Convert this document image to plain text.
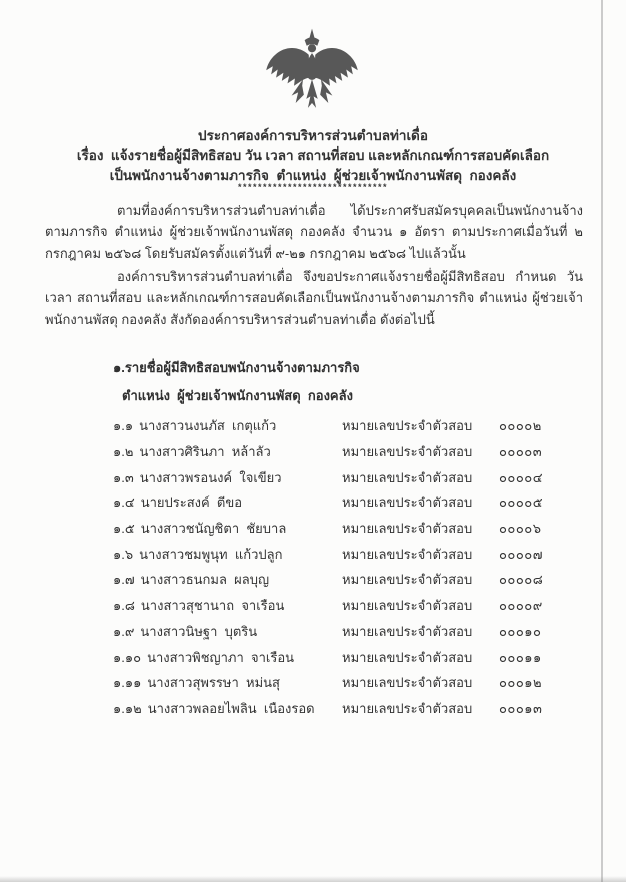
ประกาศองค์การบริหารส่วนตำบลท่าเดื่อ
เรื่อง  แจ้งรายชื่อผู้มีสิทธิสอบ วัน เวลา สถานที่สอบ และหลักเกณฑ์การสอบคัดเลือก
เป็นพนักงานจ้างตามภารกิจ  ตำแหน่ง  ผู้ช่วยเจ้าพนักงานพัสดุ  กองคลัง
******************************
ตามที่องค์การบริหารส่วนตำบลท่าเดื่อ ได้ประกาศรับสมัครบุคคลเป็นพนักงานจ้างตามภารกิจ ตำแหน่ง ผู้ช่วยเจ้าพนักงานพัสดุ กองคลัง จำนวน ๑ อัตรา ตามประกาศเมื่อวันที่ ๒ กรกฎาคม ๒๕๖๘ โดยรับสมัครตั้งแต่วันที่ ๙-๒๑ กรกฎาคม ๒๕๖๘ ไปแล้วนั้น
องค์การบริหารส่วนตำบลท่าเดื่อ จึงขอประกาศแจ้งรายชื่อผู้มีสิทธิสอบ กำหนด วัน เวลา สถานที่สอบ และหลักเกณฑ์การสอบคัดเลือกเป็นพนักงานจ้างตามภารกิจ ตำแหน่ง ผู้ช่วยเจ้าพนักงานพัสดุ กองคลัง สังกัดองค์การบริหารส่วนตำบลท่าเดื่อ ดังต่อไปนี้
๑.รายชื่อผู้มีสิทธิสอบพนักงานจ้างตามภารกิจ
ตำแหน่ง  ผู้ช่วยเจ้าพนักงานพัสดุ  กองคลัง
๑.๑ นางสาวนงนภัส  เกตุแก้ว	หมายเลขประจำตัวสอบ	๐๐๐๐๒
๑.๒ นางสาวศิรินภา  หล้าลัว	หมายเลขประจำตัวสอบ	๐๐๐๐๓
๑.๓ นางสาวพรอนงค์  ใจเขียว	หมายเลขประจำตัวสอบ	๐๐๐๐๔
๑.๔ นายประสงค์  ตีขอ	หมายเลขประจำตัวสอบ	๐๐๐๐๕
๑.๕ นางสาวชนัญชิตา  ชัยบาล	หมายเลขประจำตัวสอบ	๐๐๐๐๖
๑.๖ นางสาวชมพูนุท  แก้วปลูก	หมายเลขประจำตัวสอบ	๐๐๐๐๗
๑.๗ นางสาวธนกมล  ผลบุญ	หมายเลขประจำตัวสอบ	๐๐๐๐๘
๑.๘ นางสาวสุชานาถ  จาเรือน	หมายเลขประจำตัวสอบ	๐๐๐๐๙
๑.๙ นางสาวนิษฐา  บุตริน	หมายเลขประจำตัวสอบ	๐๐๐๑๐
๑.๑๐ นางสาวพิชญาภา  จาเรือน	หมายเลขประจำตัวสอบ	๐๐๐๑๑
๑.๑๑ นางสาวสุพรรษา  หม่นสุ	หมายเลขประจำตัวสอบ	๐๐๐๑๒
๑.๑๒ นางสาวพลอยไพลิน  เนืองรอด	หมายเลขประจำตัวสอบ	๐๐๐๑๓
